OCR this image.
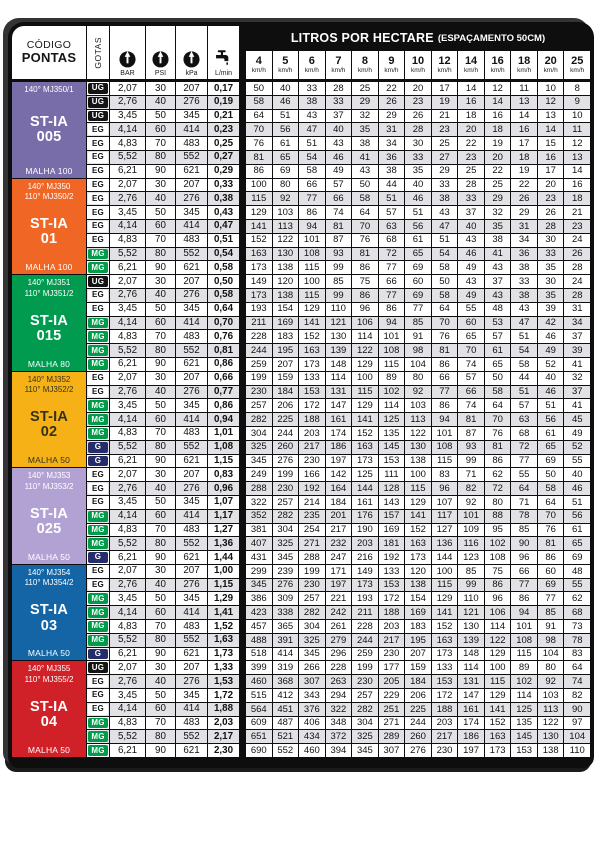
CÓDIGO
PONTAS GOTAS	LITROS POR HECTARE (ESPAÇAMENTO 50CM)
BAR	PSI	kPa L/min
4
km/h
5
km/h
6
km/h
7
km/h
8
km/h
9
km/h
10
km/h
12
km/h
14
km/h
16
km/h
18
km/h
20
km/h
25
km/h
140° MJ350/1
ST-IA
005
MALHA 100
UG	2,07	30	207	0,17	50	40	33	28	25	22	20	17	14	12	11	10	8
UG	2,76	40	276	0,19	58	46	38	33	29	26	23	19	16	14	13	12	9
UG	3,45	50	345	0,21	64	51	43	37	32	29	26	21	18	16	14	13	10
EG	4,14	60	414	0,23	70	56	47	40	35	31	28	23	20	18	16	14	11
EG	4,83	70	483	0,25	76	61	51	43	38	34	30	25	22	19	17	15	12
EG	5,52	80	552	0,27	81	65	54	46	41	36	33	27	23	20	18	16	13
EG	6,21	90	621	0,29	86	69	58	49	43	38	35	29	25	22	19	17	14
140° MJ350
110° MJ350/2
ST-IA
01
MALHA 100
EG	2,07	30	207	0,33	100	80	66	57	50	44	40	33	28	25	22	20	16
EG	2,76	40	276	0,38	115	92	77	66	58	51	46	38	33	29	26	23	18
EG	3,45	50	345	0,43	129	103	86	74	64	57	51	43	37	32	29	26	21
EG	4,14	60	414	0,47	141	113	94	81	70	63	56	47	40	35	31	28	23
EG	4,83	70	483	0,51	152	122	101	87	76	68	61	51	43	38	34	30	24
MG	5,52	80	552	0,54	163	130	108	93	81	72	65	54	46	41	36	33	26
MG	6,21	90	621	0,58	173	138	115	99	86	77	69	58	49	43	38	35	28
140° MJ351
110° MJ351/2
ST-IA
015
MALHA 80
UG	2,07	30	207	0,50	149	120	100	85	75	66	60	50	43	37	33	30	24
EG	2,76	40	276	0,58	173	138	115	99	86	77	69	58	49	43	38	35	28
EG	3,45	50	345	0,64	193	154	129	110	96	86	77	64	55	48	43	39	31
MG	4,14	60	414	0,70	211	169	141	121	106	94	85	70	60	53	47	42	34
MG	4,83	70	483	0,76	228	183	152	130	114	101	91	76	65	57	51	46	37
MG	5,52	80	552	0,81	244	195	163	139	122	108	98	81	70	61	54	49	39
MG	6,21	90	621	0,86	259	207	173	148	129	115	104	86	74	65	58	52	41
140° MJ352
110° MJ352/2
ST-IA
02
MALHA 50
EG	2,07	30	207	0,66	199	159	133	114	100	89	80	66	57	50	44	40	32
EG	2,76	40	276	0,77	230	184	153	131	115	102	92	77	66	58	51	46	37
MG	3,45	50	345	0,86	257	206	172	147	129	114	103	86	74	64	57	51	41
MG	4,14	60	414	0,94	282	225	188	161	141	125	113	94	81	70	63	56	45
MG	4,83	70	483	1,01	304	244	203	174	152	135	122	101	87	76	68	61	49
G	5,52	80	552	1,08	325	260	217	186	163	145	130	108	93	81	72	65	52
G	6,21	90	621	1,15	345	276	230	197	173	153	138	115	99	86	77	69	55
140° MJ353
110° MJ353/2
ST-IA
025
MALHA 50
EG	2,07	30	207	0,83	249	199	166	142	125	111	100	83	71	62	55	50	40
EG	2,76	40	276	0,96	288	230	192	164	144	128	115	96	82	72	64	58	46
EG	3,45	50	345	1,07	322	257	214	184	161	143	129	107	92	80	71	64	51
MG	4,14	60	414	1,17	352	282	235	201	176	157	141	117	101	88	78	70	56
MG	4,83	70	483	1,27	381	304	254	217	190	169	152	127	109	95	85	76	61
MG	5,52	80	552	1,36	407	325	271	232	203	181	163	136	116	102	90	81	65
G	6,21	90	621	1,44	431	345	288	247	216	192	173	144	123	108	96	86	69
140° MJ354
110° MJ354/2
ST-IA
03
MALHA 50
EG	2,07	30	207	1,00	299	239	199	171	149	133	120	100	85	75	66	60	48
EG	2,76	40	276	1,15	345	276	230	197	173	153	138	115	99	86	77	69	55
MG	3,45	50	345	1,29	386	309	257	221	193	172	154	129	110	96	86	77	62
MG	4,14	60	414	1,41	423	338	282	242	211	188	169	141	121	106	94	85	68
MG	4,83	70	483	1,52	457	365	304	261	228	203	183	152	130	114	101	91	73
MG	5,52	80	552	1,63	488	391	325	279	244	217	195	163	139	122	108	98	78
G	6,21	90	621	1,73	518	414	345	296	259	230	207	173	148	129	115	104	83
140° MJ355
110° MJ355/2
ST-IA
04
MALHA 50
UG	2,07	30	207	1,33	399	319	266	228	199	177	159	133	114	100	89	80	64
EG	2,76	40	276	1,53	460	368	307	263	230	205	184	153	131	115	102	92	74
EG	3,45	50	345	1,72	515	412	343	294	257	229	206	172	147	129	114	103	82
EG	4,14	60	414	1,88	564	451	376	322	282	251	225	188	161	141	125	113	90
MG	4,83	70	483	2,03	609	487	406	348	304	271	244	203	174	152	135	122	97
MG	5,52	80	552	2,17	651	521	434	372	325	289	260	217	186	163	145	130	104
MG	6,21	90	621	2,30	690	552	460	394	345	307	276	230	197	173	153	138	110
